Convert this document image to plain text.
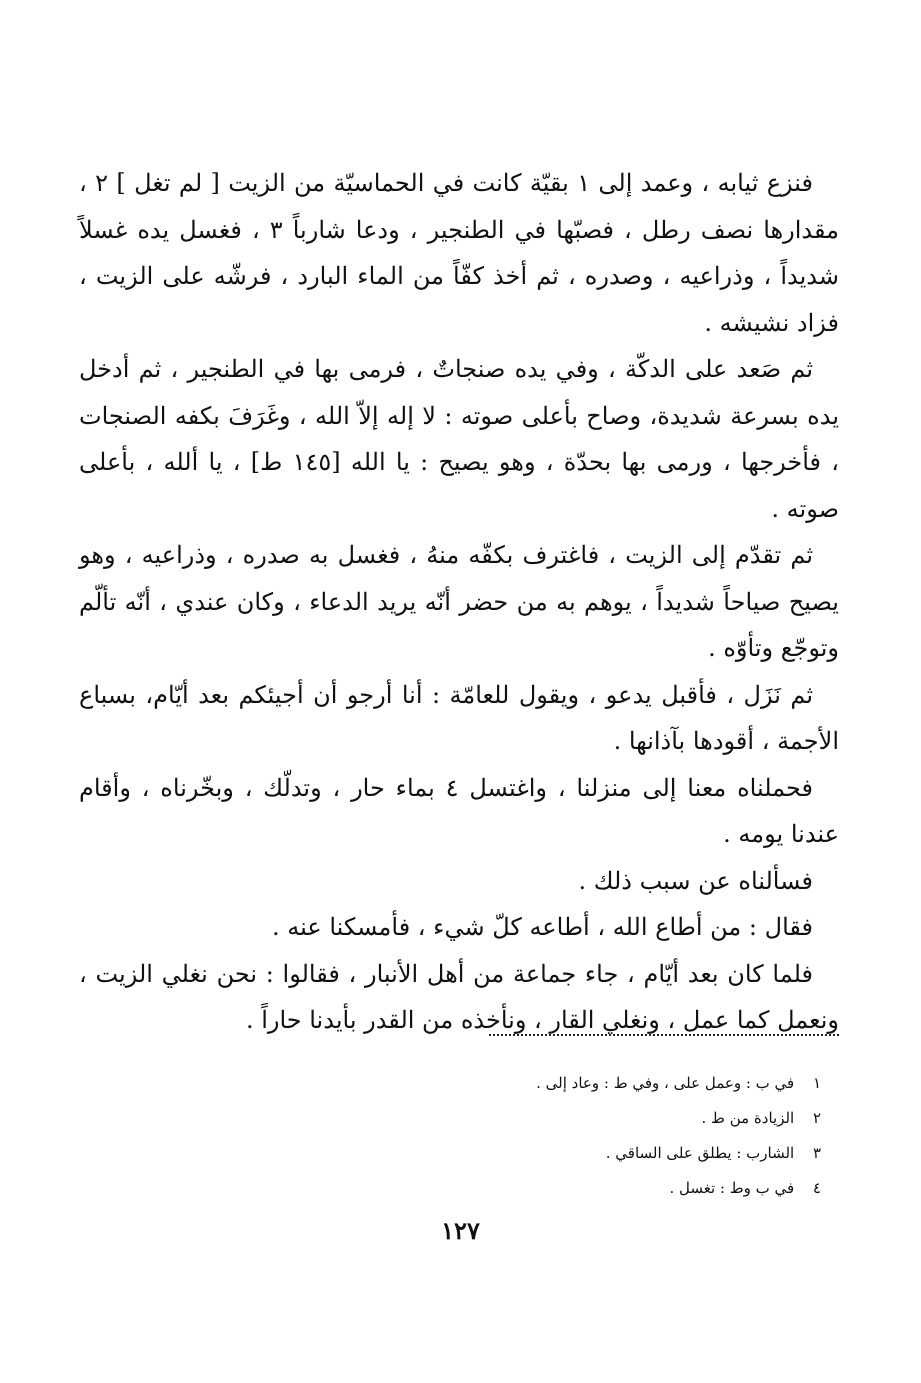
فنزع ثيابه ، وعمد إلى ١ بقيّة كانت في الحماسيّة من الزيت [ لم تغل ] ٢ ، مقدارها نصف رطل ، فصبّها في الطنجير ، ودعا شارباً ٣ ، فغسل يده غسلاً شديداً ، وذراعيه ، وصدره ، ثم أخذ كفّاً من الماء البارد ، فرشّه على الزيت ، فزاد نشيشه .

ثم صَعد على الدكّة ، وفي يده صنجاتٌ ، فرمى بها في الطنجير ، ثم أدخل يده بسرعة شديدة، وصاح بأعلى صوته : لا إله إلاّ الله ، وغَرَفَ بكفه الصنجات ، فأخرجها ، ورمى بها بحدّة ، وهو يصيح : يا الله [١٤٥ ط] ، يا ألله ، بأعلى صوته .

ثم تقدّم إلى الزيت ، فاغترف بكفّه منهُ ، فغسل به صدره ، وذراعيه ، وهو يصيح صياحاً شديداً ، يوهم به من حضر أنّه يريد الدعاء ، وكان عندي ، أنّه تألّم وتوجّع وتأوّه .

ثم نَزَل ، فأقبل يدعو ، ويقول للعامّة : أنا أرجو أن أجيئكم بعد أيّام، بسباع الأجمة ، أقودها بآذانها .

فحملناه معنا إلى منزلنا ، واغتسل ٤ بماء حار ، وتدلّك ، وبخّرناه ، وأقام عندنا يومه .

فسألناه عن سبب ذلك .

فقال : من أطاع الله ، أطاعه كلّ شيء ، فأمسكنا عنه .

فلما كان بعد أيّام ، جاء جماعة من أهل الأنبار ، فقالوا : نحن نغلي الزيت ، ونعمل كما عمل ، ونغلي القار ، ونأخذه من القدر بأيدنا حاراً .

١ في ب : وعمل على ، وفي ط : وعاد إلى .

٢ الزيادة من ط .

٣ الشارب : يطلق على الساقي .

٤ في ب وط : تغسل .

١٢٧
